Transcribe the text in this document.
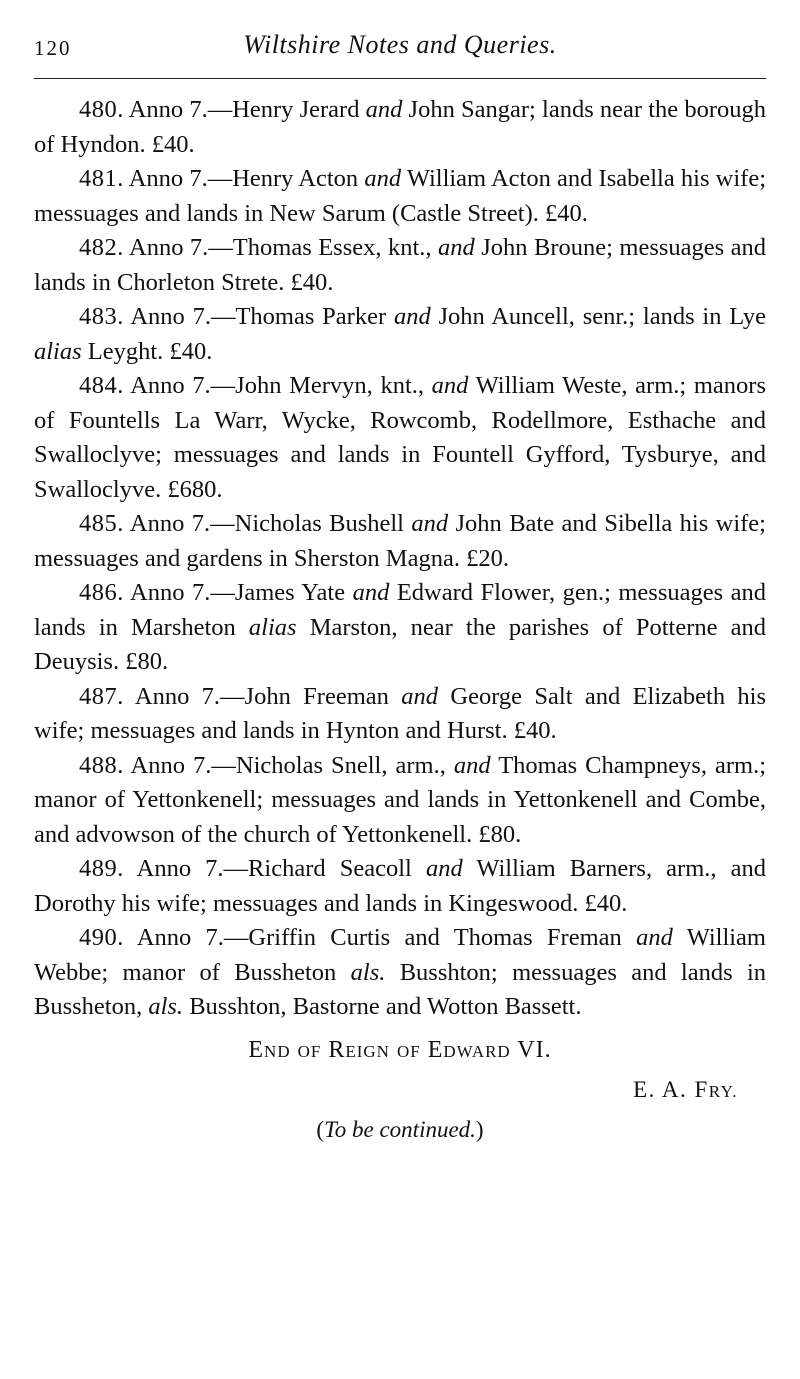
120	Wiltshire Notes and Queries.

480. Anno 7.—Henry Jerard and John Sangar; lands near the borough of Hyndon. £40.

481. Anno 7.—Henry Acton and William Acton and Isabella his wife; messuages and lands in New Sarum (Castle Street). £40.

482. Anno 7.—Thomas Essex, knt., and John Broune; messuages and lands in Chorleton Strete. £40.

483. Anno 7.—Thomas Parker and John Auncell, senr.; lands in Lye alias Leyght. £40.

484. Anno 7.—John Mervyn, knt., and William Weste, arm.; manors of Fountells La Warr, Wycke, Rowcomb, Rodellmore, Esthache and Swalloclyve; messuages and lands in Fountell Gyfford, Tysburye, and Swalloclyve. £680.

485. Anno 7.—Nicholas Bushell and John Bate and Sibella his wife; messuages and gardens in Sherston Magna. £20.

486. Anno 7.—James Yate and Edward Flower, gen.; messuages and lands in Marsheton alias Marston, near the parishes of Potterne and Deuysis. £80.

487. Anno 7.—John Freeman and George Salt and Elizabeth his wife; messuages and lands in Hynton and Hurst. £40.

488. Anno 7.—Nicholas Snell, arm., and Thomas Champneys, arm.; manor of Yettonkenell; messuages and lands in Yettonkenell and Combe, and advowson of the church of Yettonkenell. £80.

489. Anno 7.—Richard Seacoll and William Barners, arm., and Dorothy his wife; messuages and lands in Kingeswood. £40.

490. Anno 7.—Griffin Curtis and Thomas Freman and William Webbe; manor of Bussheton als. Busshton; messuages and lands in Bussheton, als. Busshton, Bastorne and Wotton Bassett.

END OF REIGN OF EDWARD VI.
E. A. FRY.
(To be continued.)
